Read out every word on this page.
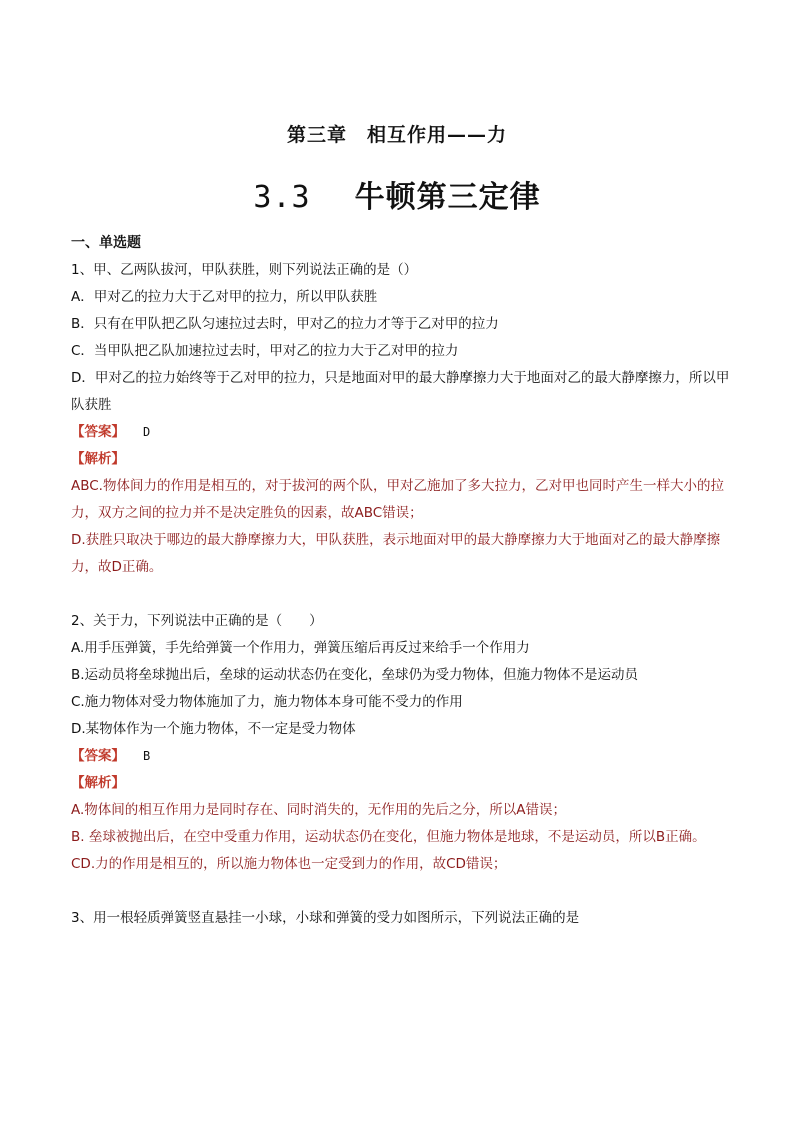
第三章　相互作用——力
3.3 牛顿第三定律
一、单选题
1、甲、乙两队拔河，甲队获胜，则下列说法正确的是（）
A．甲对乙的拉力大于乙对甲的拉力，所以甲队获胜
B．只有在甲队把乙队匀速拉过去时，甲对乙的拉力才等于乙对甲的拉力
C．当甲队把乙队加速拉过去时，甲对乙的拉力大于乙对甲的拉力
D．甲对乙的拉力始终等于乙对甲的拉力，只是地面对甲的最大静摩擦力大于地面对乙的最大静摩擦力，所以甲队获胜
【答案】 D
【解析】
ABC.物体间力的作用是相互的，对于拔河的两个队，甲对乙施加了多大拉力，乙对甲也同时产生一样大小的拉力，双方之间的拉力并不是决定胜负的因素，故ABC错误；
D.获胜只取决于哪边的最大静摩擦力大，甲队获胜，表示地面对甲的最大静摩擦力大于地面对乙的最大静摩擦力，故D正确。
2、关于力，下列说法中正确的是（　　）
A.用手压弹簧，手先给弹簧一个作用力，弹簧压缩后再反过来给手一个作用力
B.运动员将垒球抛出后，垒球的运动状态仍在变化，垒球仍为受力物体，但施力物体不是运动员
C.施力物体对受力物体施加了力，施力物体本身可能不受力的作用
D.某物体作为一个施力物体，不一定是受力物体
【答案】 B
【解析】
A.物体间的相互作用力是同时存在、同时消失的，无作用的先后之分，所以A错误；
B. 垒球被抛出后，在空中受重力作用，运动状态仍在变化，但施力物体是地球，不是运动员，所以B正确。
CD.力的作用是相互的，所以施力物体也一定受到力的作用，故CD错误；
3、用一根轻质弹簧竖直悬挂一小球，小球和弹簧的受力如图所示，下列说法正确的是
